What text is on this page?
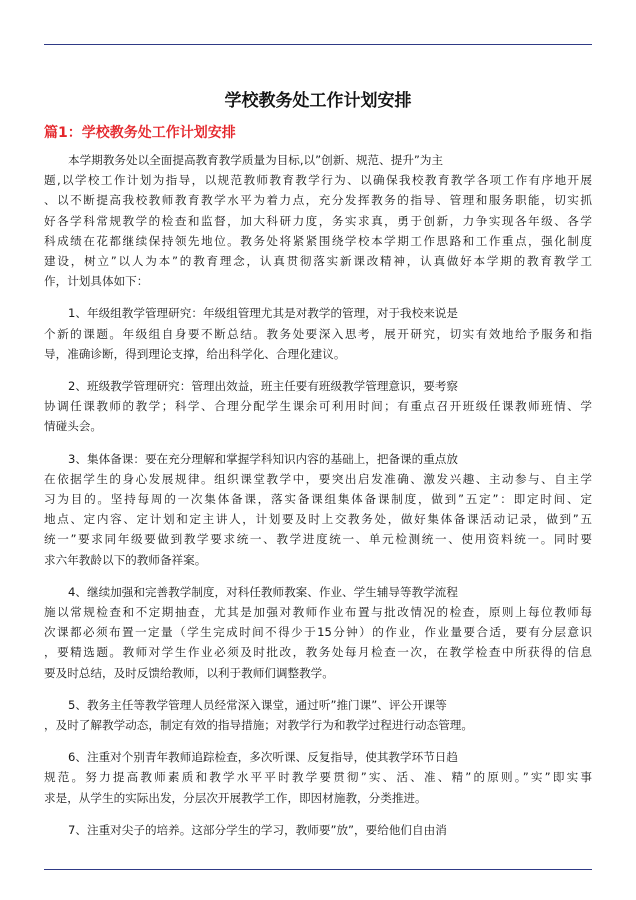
学校教务处工作计划安排
篇1：学校教务处工作计划安排
本学期教务处以全面提高教育教学质量为目标,以”创新、规范、提升”为主
题,以学校工作计划为指导，以规范教师教育教学行为、以确保我校教育教学各项工作有序地开展
、以不断提高我校教师教育教学水平为着力点，充分发挥教务的指导、管理和服务职能，切实抓
好各学科常规教学的检查和监督，加大科研力度，务实求真，勇于创新，力争实现各年级、各学
科成绩在花都继续保持领先地位。教务处将紧紧围绕学校本学期工作思路和工作重点，强化制度
建设，树立”以人为本”的教育理念，认真贯彻落实新课改精神，认真做好本学期的教育教学工
作，计划具体如下：
1、年级组教学管理研究：年级组管理尤其是对教学的管理，对于我校来说是
个新的课题。年级组自身要不断总结。教务处要深入思考，展开研究，切实有效地给予服务和指
导，准确诊断，得到理论支撑，给出科学化、合理化建议。
2、班级教学管理研究：管理出效益，班主任要有班级教学管理意识，要考察
协调任课教师的教学；科学、合理分配学生课余可利用时间；有重点召开班级任课教师班情、学
情碰头会。
3、集体备课：要在充分理解和掌握学科知识内容的基础上，把备课的重点放
在依据学生的身心发展规律。组织课堂教学中，要突出启发准确、激发兴趣、主动参与、自主学
习为目的。坚持每周的一次集体备课，落实备课组集体备课制度，做到”五定”：即定时间、定
地点、定内容、定计划和定主讲人，计划要及时上交教务处，做好集体备课活动记录，做到”五
统一”要求同年级要做到教学要求统一、教学进度统一、单元检测统一、使用资料统一。同时要
求六年教龄以下的教师备祥案。
4、继续加强和完善教学制度，对科任教师教案、作业、学生辅导等教学流程
施以常规检查和不定期抽查，尤其是加强对教师作业布置与批改情况的检查，原则上每位教师每
次课都必须布置一定量（学生完成时间不得少于15分钟）的作业，作业量要合适，要有分层意识
，要精选题。教师对学生作业必须及时批改，教务处每月检查一次，在教学检查中所获得的信息
要及时总结，及时反馈给教师，以利于教师们调整教学。
5、教务主任等教学管理人员经常深入课堂，通过听”推门课”、评公开课等
，及时了解教学动态，制定有效的指导措施；对教学行为和教学过程进行动态管理。
6、注重对个别青年教师追踪检查，多次听课、反复指导，使其教学环节日趋
规范。努力提高教师素质和教学水平平时教学要贯彻”实、活、准、精”的原则。”实”即实事
求是，从学生的实际出发，分层次开展教学工作，即因材施教，分类推进。
7、注重对尖子的培养。这部分学生的学习，教师要”放”，要给他们自由消
